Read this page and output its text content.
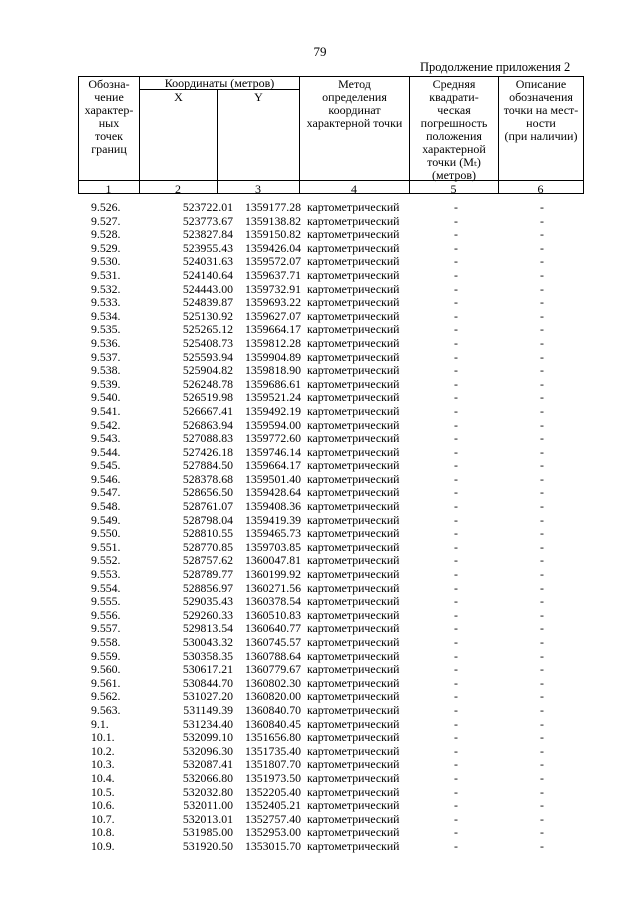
79
Продолжение приложения 2
Обозна-
чение
характер-
ных
точек
границ
Координаты (метров)
X	Y
Метод
определения
координат
характерной точки
Средняя
квадрати-
ческая
погрешность
положения
характерной
точки (Mₜ)
(метров)
Описание
обозначения
точки на мест-
ности
(при наличии)
1	2	3	4	5	6
9.526.	523722.01	1359177.28 картометрический	-	-
9.527.	523773.67	1359138.82 картометрический	-	-
9.528.	523827.84	1359150.82 картометрический	-	-
9.529.	523955.43	1359426.04 картометрический	-	-
9.530.	524031.63	1359572.07 картометрический	-	-
9.531.	524140.64	1359637.71 картометрический	-	-
9.532.	524443.00	1359732.91 картометрический	-	-
9.533.	524839.87	1359693.22 картометрический	-	-
9.534.	525130.92	1359627.07 картометрический	-	-
9.535.	525265.12	1359664.17 картометрический	-	-
9.536.	525408.73	1359812.28 картометрический	-	-
9.537.	525593.94	1359904.89 картометрический	-	-
9.538.	525904.82	1359818.90 картометрический	-	-
9.539.	526248.78	1359686.61 картометрический	-	-
9.540.	526519.98	1359521.24 картометрический	-	-
9.541.	526667.41	1359492.19 картометрический	-	-
9.542.	526863.94	1359594.00 картометрический	-	-
9.543.	527088.83	1359772.60 картометрический	-	-
9.544.	527426.18	1359746.14 картометрический	-	-
9.545.	527884.50	1359664.17 картометрический	-	-
9.546.	528378.68	1359501.40 картометрический	-	-
9.547.	528656.50	1359428.64 картометрический	-	-
9.548.	528761.07	1359408.36 картометрический	-	-
9.549.	528798.04	1359419.39 картометрический	-	-
9.550.	528810.55	1359465.73 картометрический	-	-
9.551.	528770.85	1359703.85 картометрический	-	-
9.552.	528757.62	1360047.81 картометрический	-	-
9.553.	528789.77	1360199.92 картометрический	-	-
9.554.	528856.97	1360271.56 картометрический	-	-
9.555.	529035.43	1360378.54 картометрический	-	-
9.556.	529260.33	1360510.83 картометрический	-	-
9.557.	529813.54	1360640.77 картометрический	-	-
9.558.	530043.32	1360745.57 картометрический	-	-
9.559.	530358.35	1360788.64 картометрический	-	-
9.560.	530617.21	1360779.67 картометрический	-	-
9.561.	530844.70	1360802.30 картометрический	-	-
9.562.	531027.20	1360820.00 картометрический	-	-
9.563.	531149.39	1360840.70 картометрический	-	-
9.1.	531234.40	1360840.45 картометрический	-	-
10.1.	532099.10	1351656.80 картометрический	-	-
10.2.	532096.30	1351735.40 картометрический	-	-
10.3.	532087.41	1351807.70 картометрический	-	-
10.4.	532066.80	1351973.50 картометрический	-	-
10.5.	532032.80	1352205.40 картометрический	-	-
10.6.	532011.00	1352405.21 картометрический	-	-
10.7.	532013.01	1352757.40 картометрический	-	-
10.8.	531985.00	1352953.00 картометрический	-	-
10.9.	531920.50	1353015.70 картометрический	-	-
